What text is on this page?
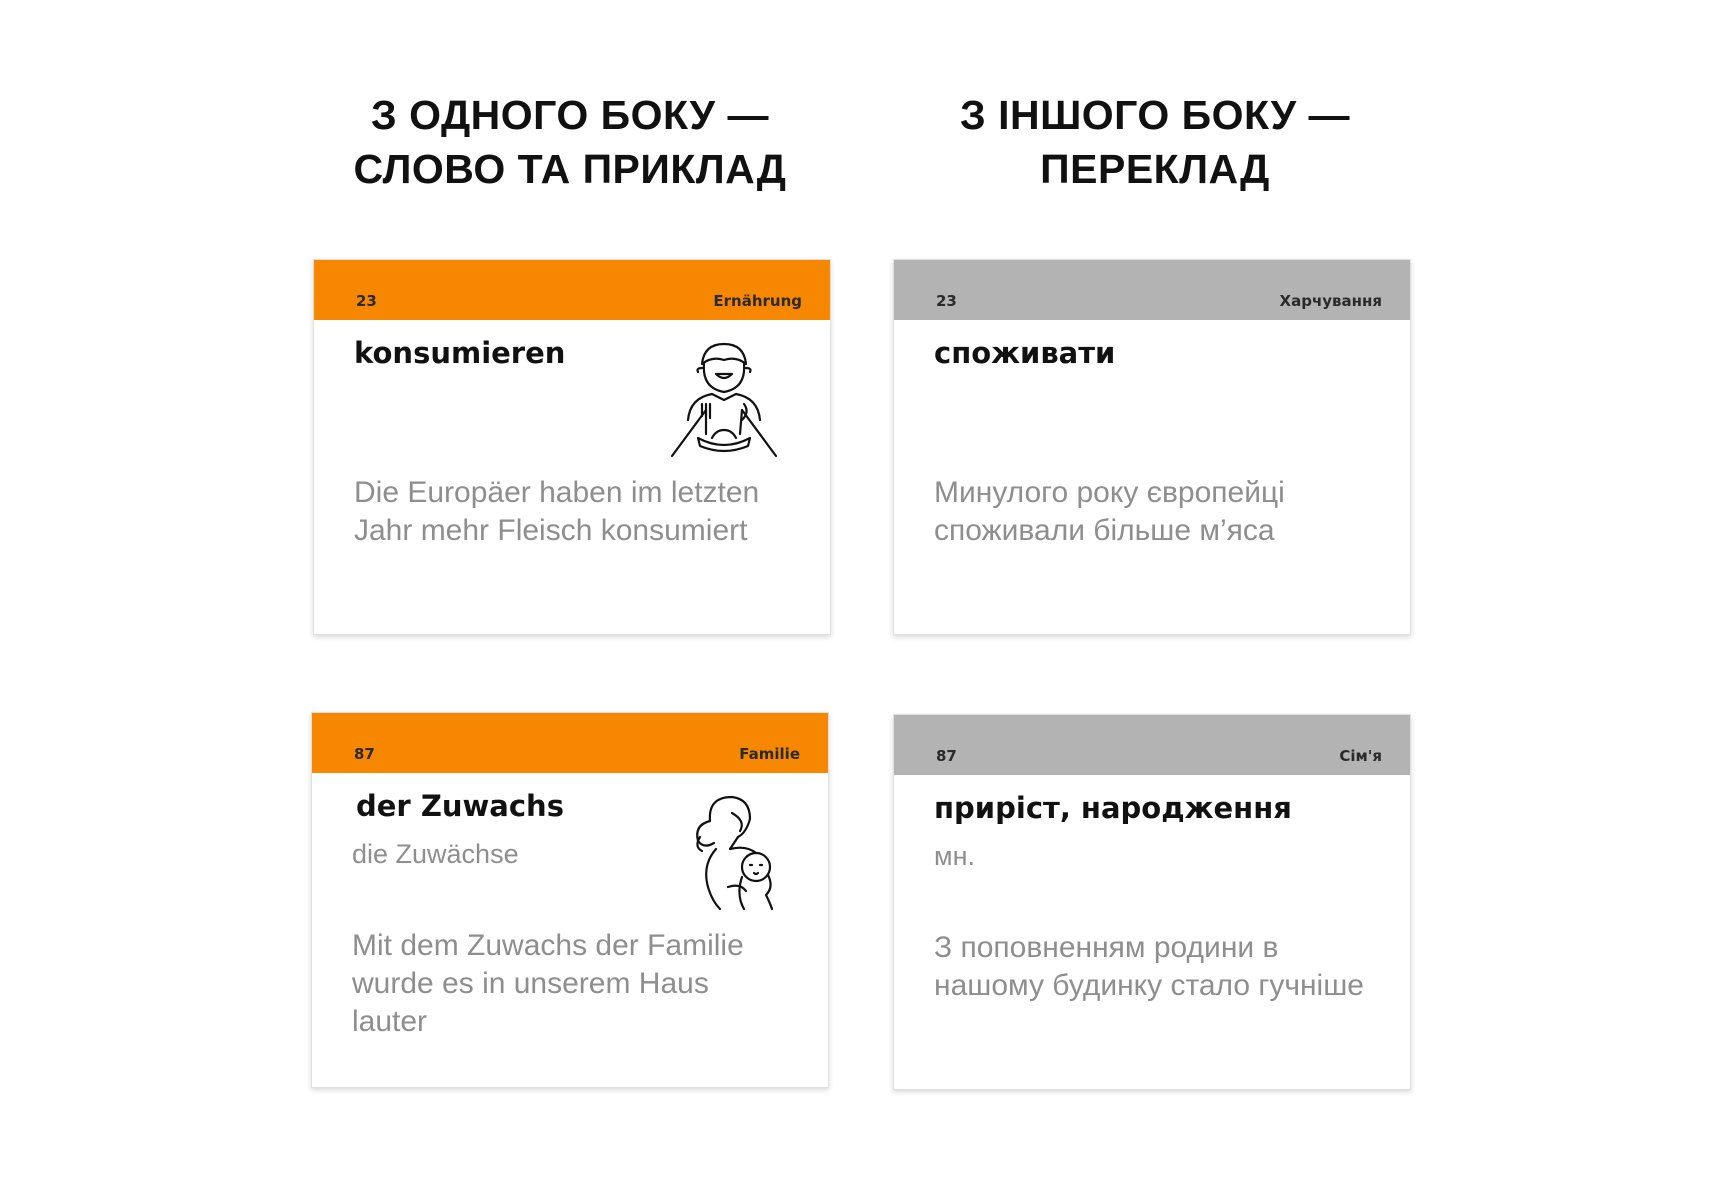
З ОДНОГО БОКУ —
СЛОВО ТА ПРИКЛАД
З ІНШОГО БОКУ —
ПЕРЕКЛАД
23	Ernährung
konsumieren
Die Europäer haben im letzten Jahr mehr Fleisch konsumiert
23	Харчування
споживати
Минулого року європейці споживали більше м’яса
87	Familie
der Zuwachs
die Zuwächse
Mit dem Zuwachs der Familie wurde es in unserem Haus lauter
87	Сім'я
приріст, народження
мн.
З поповненням родини в нашому будинку стало гучніше
